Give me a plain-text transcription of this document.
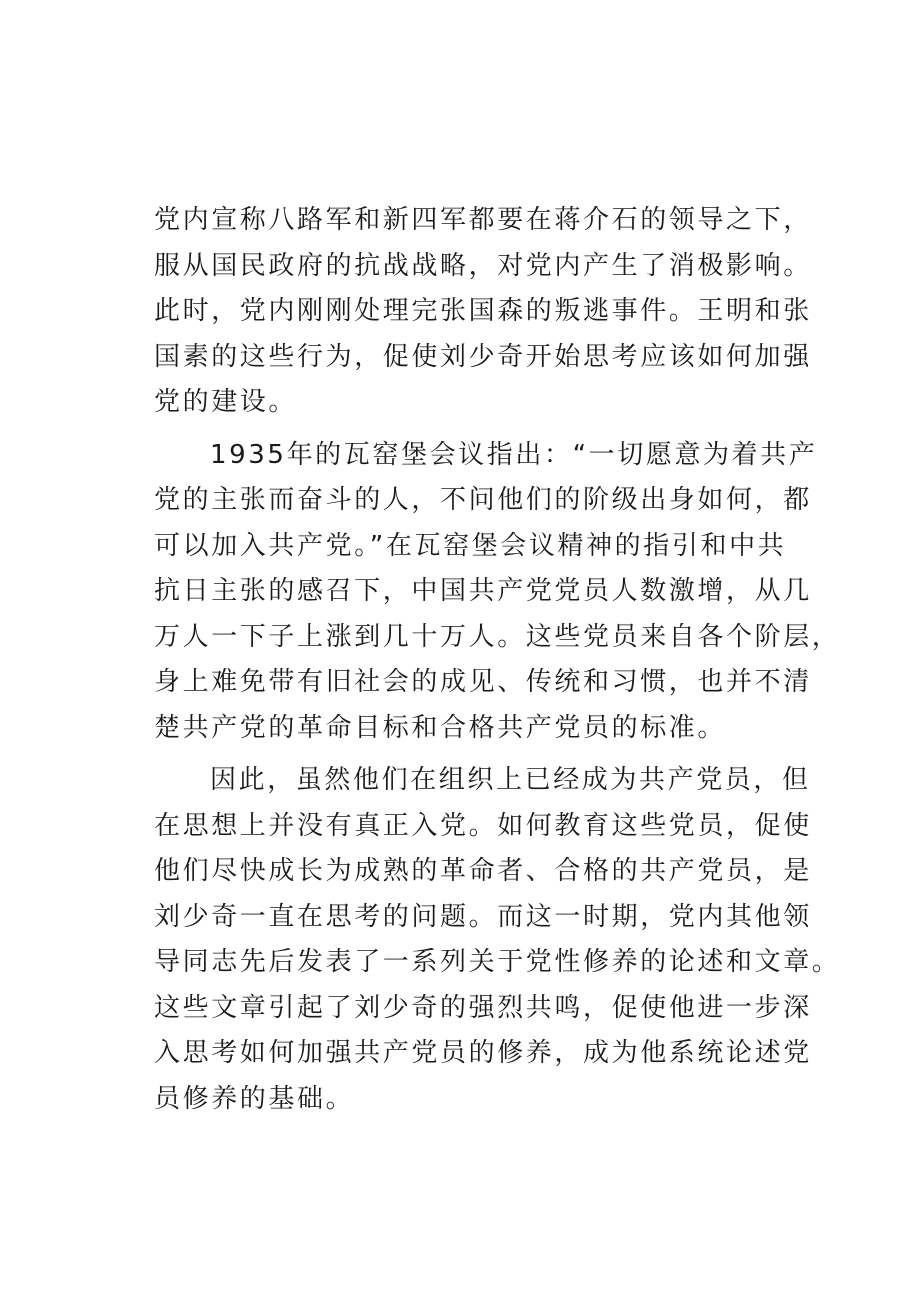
党内宣称八路军和新四军都要在蒋介石的领导之下，
服从国民政府的抗战战略，对党内产生了消极影响。
此时，党内刚刚处理完张国森的叛逃事件。王明和张
国素的这些行为，促使刘少奇开始思考应该如何加强
党的建设。
1935年的瓦窑堡会议指出：“一切愿意为着共产
党的主张而奋斗的人，不问他们的阶级出身如何，都
可以加入共产党。”在瓦窑堡会议精神的指引和中共
抗日主张的感召下，中国共产党党员人数激增，从几
万人一下子上涨到几十万人。这些党员来自各个阶层，
身上难免带有旧社会的成见、传统和习惯，也并不清
楚共产党的革命目标和合格共产党员的标准。
因此，虽然他们在组织上已经成为共产党员，但
在思想上并没有真正入党。如何教育这些党员，促使
他们尽快成长为成熟的革命者、合格的共产党员，是
刘少奇一直在思考的问题。而这一时期，党内其他领
导同志先后发表了一系列关于党性修养的论述和文章。
这些文章引起了刘少奇的强烈共鸣，促使他进一步深
入思考如何加强共产党员的修养，成为他系统论述党
员修养的基础。
